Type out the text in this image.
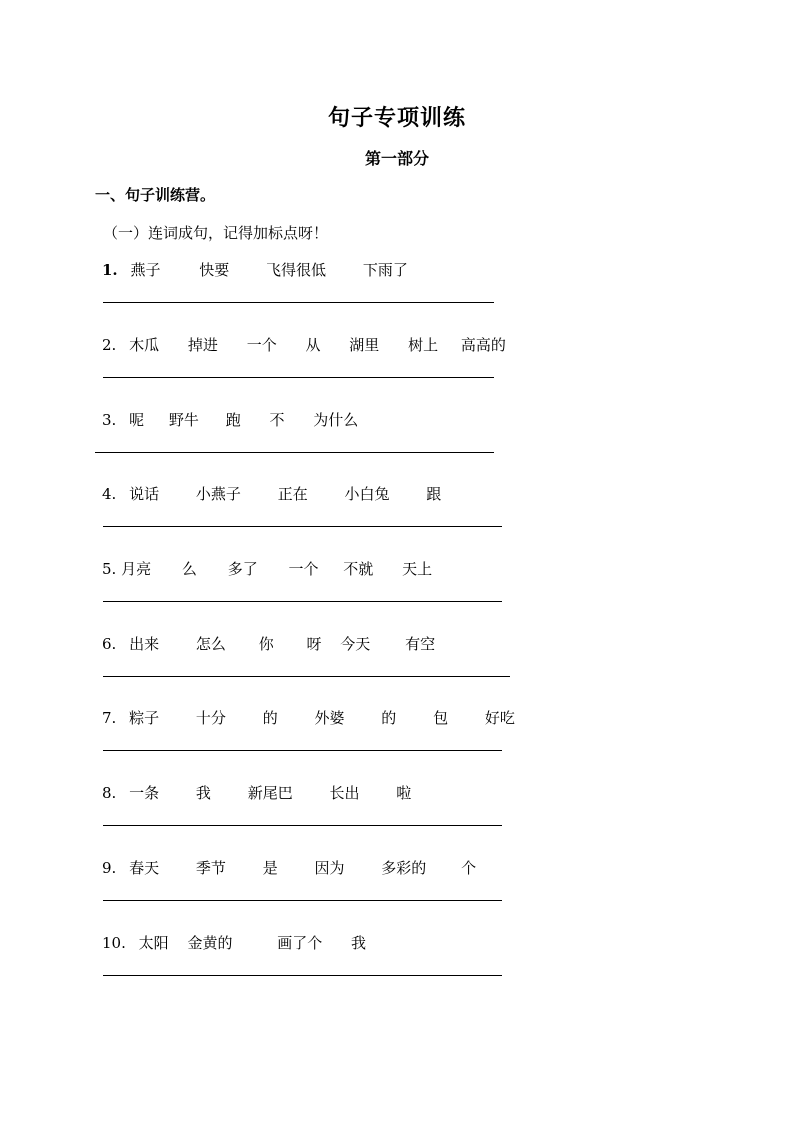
句子专项训练
第一部分
一、句子训练营。
（一）连词成句，记得加标点呀！
1. 燕子	快要 飞得很低 下雨了
2. 木瓜 掉进 一个 从 湖里 树上 高高的
3. 呢 野牛 跑 不 为什么
4. 说话 小燕子 正在 小白兔 跟
5. 月亮 么 多了 一个 不就 天上
6. 出来 怎么 你 呀 今天 有空
7. 粽子 十分 的 外婆 的 包 好吃
8. 一条 我 新尾巴 长出 啦
9. 春天 季节 是 因为 多彩的 个
10. 太阳 金黄的	画了个 我
